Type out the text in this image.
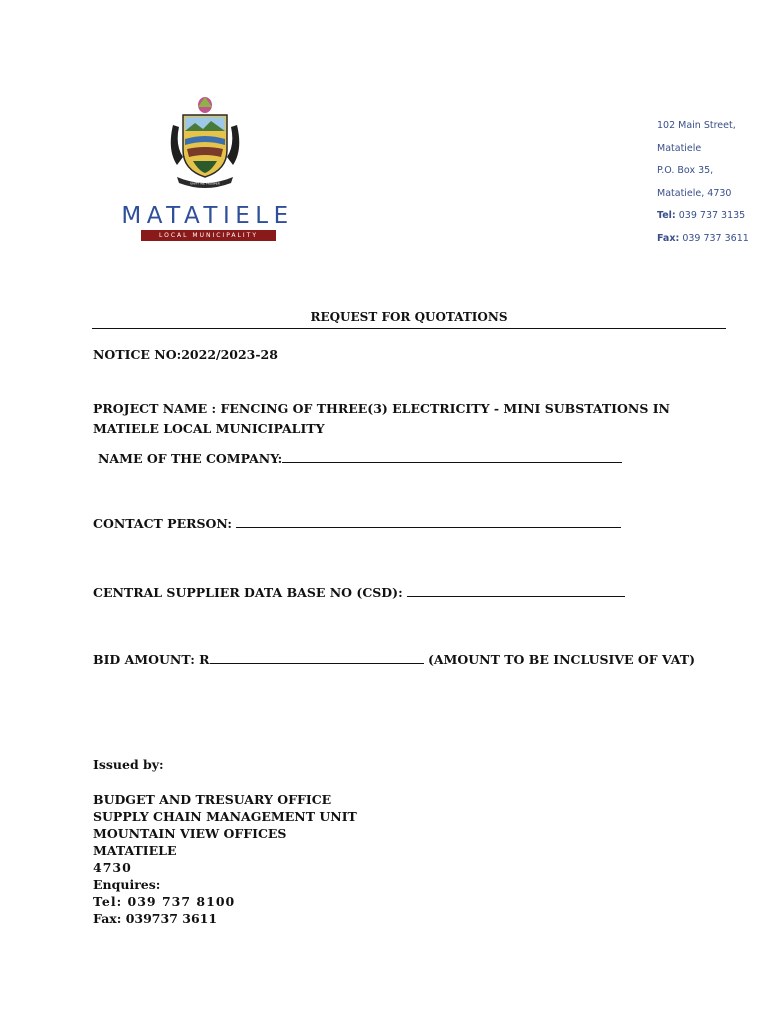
UNITY WE PROSPER
MATATIELE
LOCAL MUNICIPALITY
102 Main Street,
Matatiele
P.O. Box 35,
Matatiele, 4730
Tel: 039 737 3135
Fax: 039 737 3611
REQUEST FOR QUOTATIONS
NOTICE NO:2022/2023-28
PROJECT NAME : FENCING OF THREE(3) ELECTRICITY - MINI SUBSTATIONS IN MATIELE LOCAL MUNICIPALITY
NAME OF THE COMPANY:
CONTACT PERSON:
CENTRAL SUPPLIER DATA BASE NO (CSD):
BID AMOUNT: R	(AMOUNT TO BE INCLUSIVE OF VAT)
Issued by:
BUDGET AND TRESUARY OFFICE
SUPPLY CHAIN MANAGEMENT UNIT
MOUNTAIN VIEW OFFICES
MATATIELE
4730
Enquires:
Tel: 039 737 8100
Fax: 039737 3611
